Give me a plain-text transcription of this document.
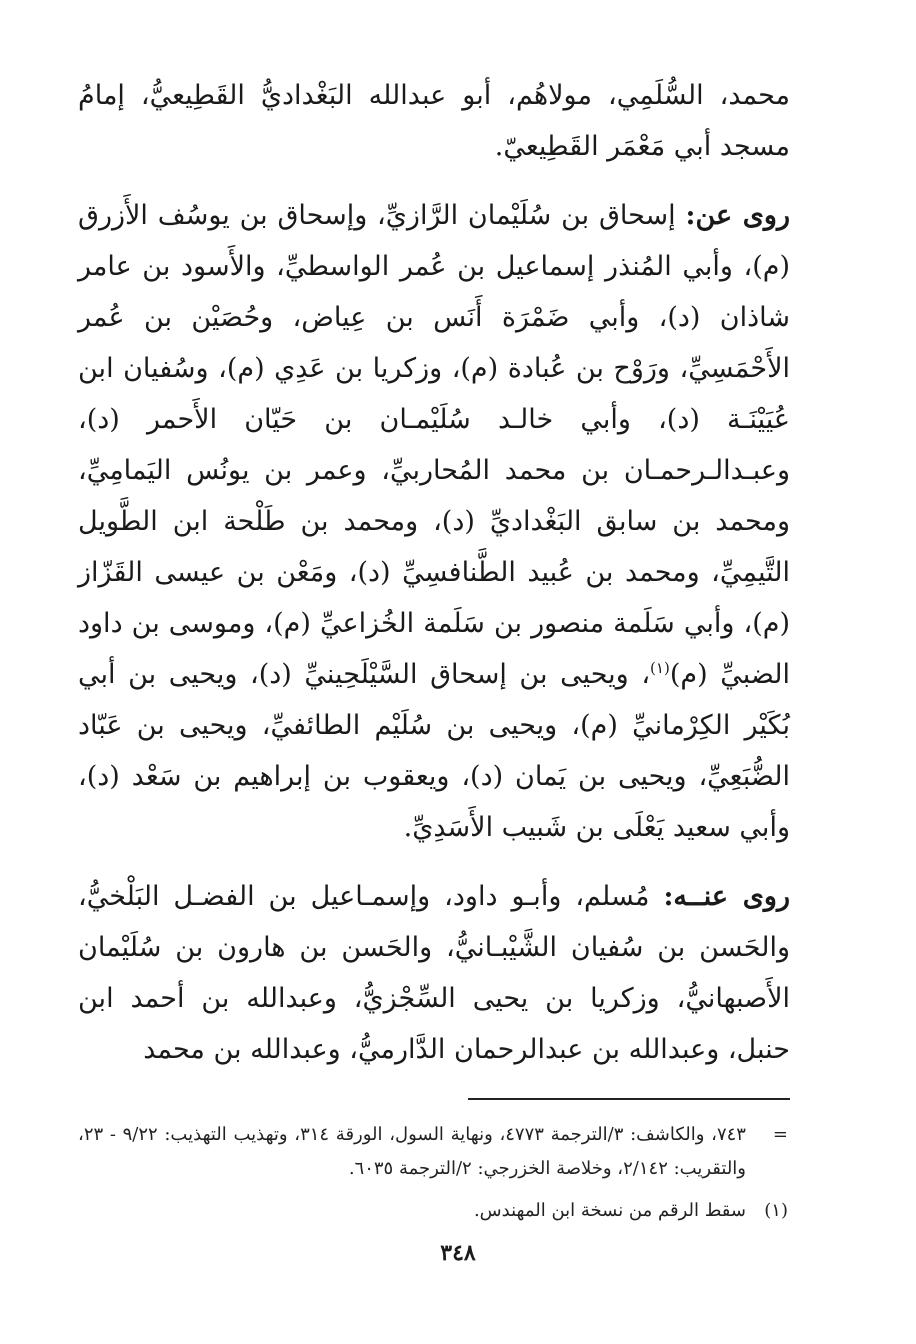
محمد، السُّلَمِي، مولاهُم، أبو عبدالله البَغْداديُّ القَطِيعيُّ، إمامُ مسجد أبي مَعْمَر القَطِيعيّ.

روى عن: إسحاق بن سُلَيْمان الرَّازيِّ، وإسحاق بن يوسُف الأَزرق (م)، وأبي المُنذر إسماعيل بن عُمر الواسطيِّ، والأَسود بن عامر شاذان (د)، وأبي ضَمْرَة أَنَس بن عِياض، وحُصَيْن بن عُمر الأَحْمَسِيِّ، ورَوْح بن عُبادة (م)، وزكريا بن عَدِي (م)، وسُفيان ابن عُيَيْنَـة (د)، وأبي خالـد سُلَيْمـان بن حَيّان الأَحمر (د)، وعبـدالـرحمـان بن محمد المُحاربيِّ، وعمر بن يونُس اليَمامِيِّ، ومحمد بن سابق البَغْداديِّ (د)، ومحمد بن طَلْحة ابن الطَّويل التَّيمِيِّ، ومحمد بن عُبيد الطَّنافسِيِّ (د)، ومَعْن بن عيسى القَزّاز (م)، وأبي سَلَمة منصور بن سَلَمة الخُزاعيِّ (م)، وموسى بن داود الضبيِّ (م)$^{(١)}$، ويحيى بن إسحاق السَّيْلَحِينيِّ (د)، ويحيى بن أبي بُكَيْر الكِرْمانيِّ (م)، ويحيى بن سُلَيْم الطائفيِّ، ويحيى بن عَبّاد الضُّبَعِيِّ، ويحيى بن يَمان (د)، ويعقوب بن إبراهيم بن سَعْد (د)، وأبي سعيد يَعْلَى بن شَبيب الأَسَدِيِّ.

روى عنــه: مُسلم، وأبـو داود، وإسمـاعيل بن الفضـل البَلْخيُّ، والحَسن بن سُفيان الشَّيْبـانيُّ، والحَسن بن هارون بن سُلَيْمان الأَصبهانيُّ، وزكريا بن يحيى السِّجْزيُّ، وعبدالله بن أحمد ابن حنبل، وعبدالله بن عبدالرحمان الدَّارميُّ، وعبدالله بن محمد

=
٧٤٣، والكاشف: ٣/الترجمة ٤٧٧٣، ونهاية السول، الورقة ٣١٤، وتهذيب التهذيب: ٩/٢٢ - ٢٣، والتقريب: ٢/١٤٢، وخلاصة الخزرجي: ٢/الترجمة ٦٠٣٥.
(١)
سقط الرقم من نسخة ابن المهندس.
٣٤٨
